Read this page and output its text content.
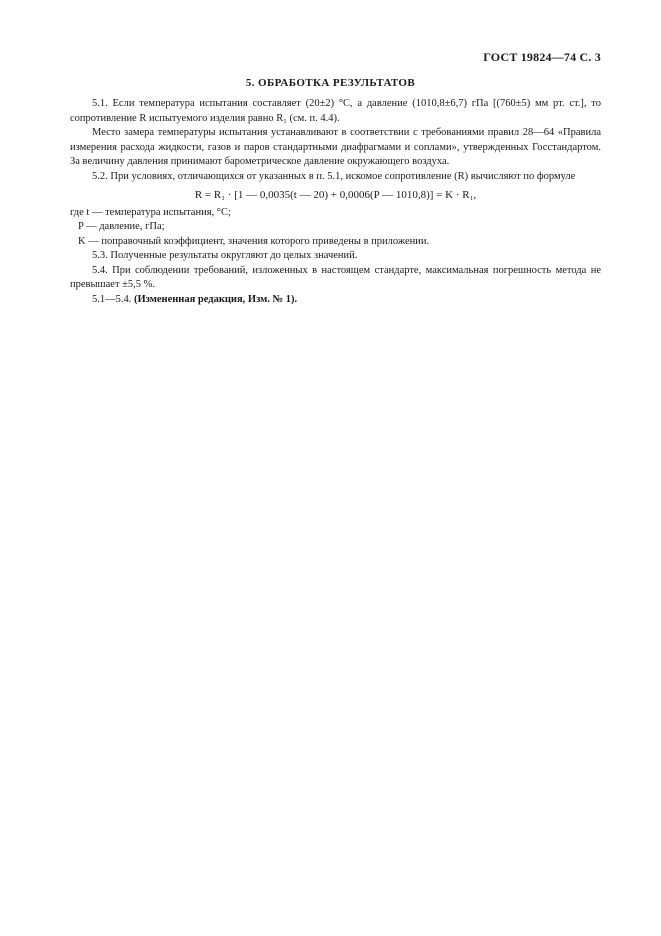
ГОСТ 19824—74 С. 3
5. ОБРАБОТКА РЕЗУЛЬТАТОВ

5.1. Если температура испытания составляет (20±2) °С, а давление (1010,8±6,7) гПа [(760±5) мм рт. ст.], то сопротивление R испытуемого изделия равно R₁ (см. п. 4.4).

Место замера температуры испытания устанавливают в соответствии с требованиями правил 28—64 «Правила измерения расхода жидкости, газов и паров стандартными диафрагмами и соплами», утвержденных Госстандартом. За величину давления принимают барометрическое давление окружающего воздуха.

5.2. При условиях, отличающихся от указанных в п. 5.1, искомое сопротивление (R) вычисляют по формуле

R = R₁ · [1 — 0,0035(t — 20) + 0,0006(P — 1010,8)] = K · R₁,
где t — температура испытания, °С;
P — давление, гПа;
K — поправочный коэффициент, значения которого приведены в приложении.

5.3. Полученные результаты округляют до целых значений.

5.4. При соблюдении требований, изложенных в настоящем стандарте, максимальная погрешность метода не превышает ±5,5 %.

5.1—5.4. (Измененная редакция, Изм. № 1).
